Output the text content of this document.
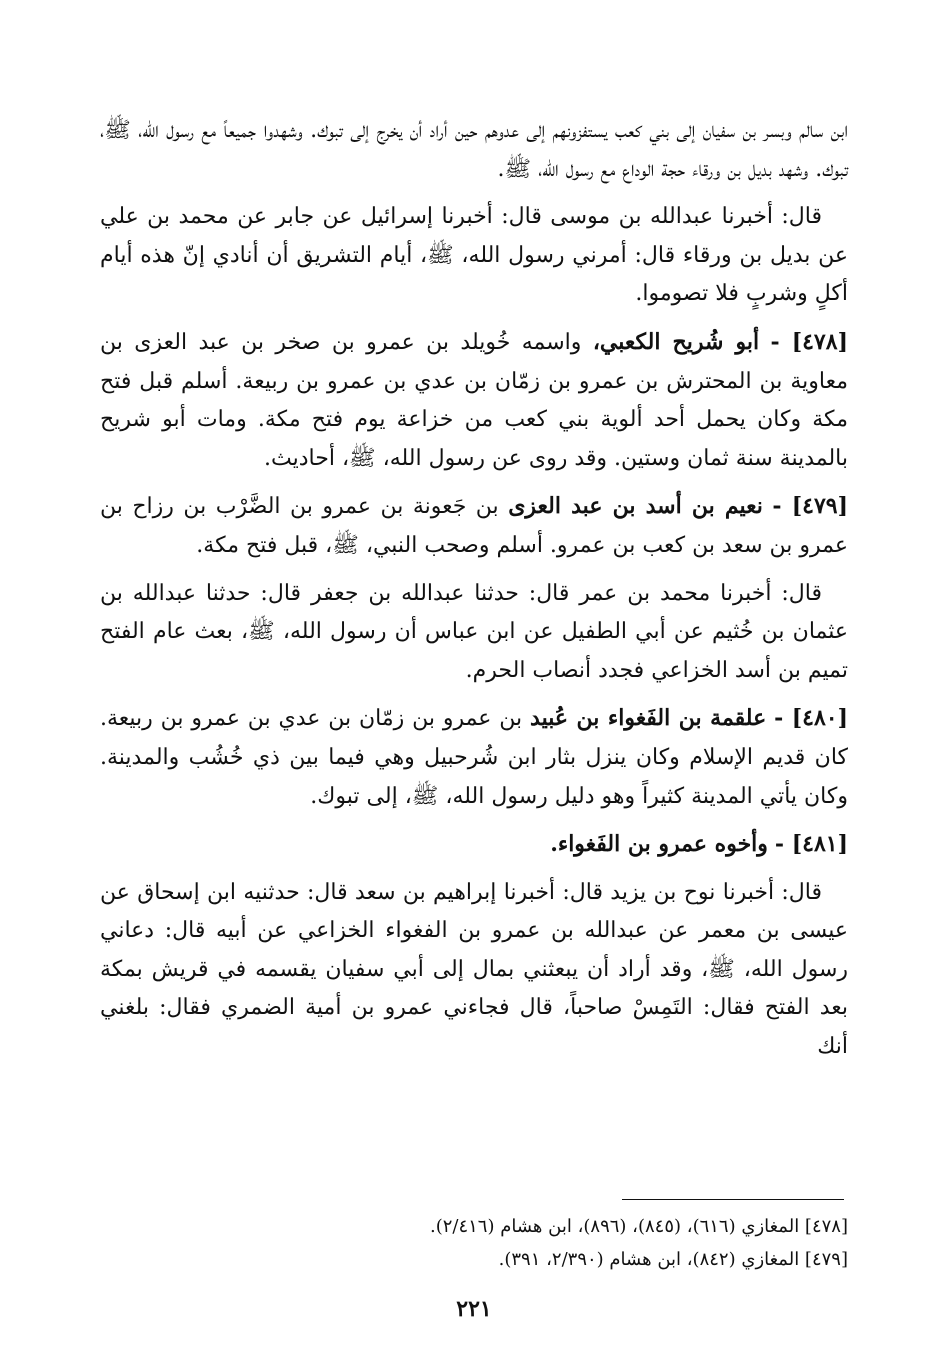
ابن سالم وبسر بن سفيان إلى بني كعب يستفزونهم إلى عدوهم حين أراد أن يخرج إلى تبوك. وشهدوا جميعاً مع رسول الله، ﷺ، تبوك. وشهد بديل بن ورقاء حجة الوداع مع رسول الله، ﷺ.

قال: أخبرنا عبدالله بن موسى قال: أخبرنا إسرائيل عن جابر عن محمد بن علي عن بديل بن ورقاء قال: أمرني رسول الله، ﷺ، أيام التشريق أن أنادي إنّ هذه أيام أكلٍ وشربٍ فلا تصوموا.

[٤٧٨] - أبو شُريح الكعبي، واسمه خُويلد بن عمرو بن صخر بن عبد العزى بن معاوية بن المحترش بن عمرو بن زمّان بن عدي بن عمرو بن ربيعة. أسلم قبل فتح مكة وكان يحمل أحد ألوية بني كعب من خزاعة يوم فتح مكة. ومات أبو شريح بالمدينة سنة ثمان وستين. وقد روى عن رسول الله، ﷺ، أحاديث.

[٤٧٩] - نعيم بن أسد بن عبد العزى بن جَعونة بن عمرو بن الضَّرْب بن رزاح بن عمرو بن سعد بن كعب بن عمرو. أسلم وصحب النبي، ﷺ، قبل فتح مكة.

قال: أخبرنا محمد بن عمر قال: حدثنا عبدالله بن جعفر قال: حدثنا عبدالله بن عثمان بن خُثيم عن أبي الطفيل عن ابن عباس أن رسول الله، ﷺ، بعث عام الفتح تميم بن أسد الخزاعي فجدد أنصاب الحرم.

[٤٨٠] - علقمة بن الفَغواء بن عُبيد بن عمرو بن زمّان بن عدي بن عمرو بن ربيعة. كان قديم الإسلام وكان ينزل بثار ابن شُرحبيل وهي فيما بين ذي خُشُب والمدينة. وكان يأتي المدينة كثيراً وهو دليل رسول الله، ﷺ، إلى تبوك.

[٤٨١] - وأخوه عمرو بن الفَغواء.

قال: أخبرنا نوح بن يزيد قال: أخبرنا إبراهيم بن سعد قال: حدثنيه ابن إسحاق عن عيسى بن معمر عن عبدالله بن عمرو بن الفغواء الخزاعي عن أبيه قال: دعاني رسول الله، ﷺ، وقد أراد أن يبعثني بمال إلى أبي سفيان يقسمه في قريش بمكة بعد الفتح فقال: التَمِسْ صاحباً، قال فجاءني عمرو بن أمية الضمري فقال: بلغني أنك

[٤٧٨] المغازي (٦١٦)، (٨٤٥)، (٨٩٦)، ابن هشام (٢/٤١٦).

[٤٧٩] المغازي (٨٤٢)، ابن هشام (٢/٣٩٠، ٣٩١).

٢٢١
